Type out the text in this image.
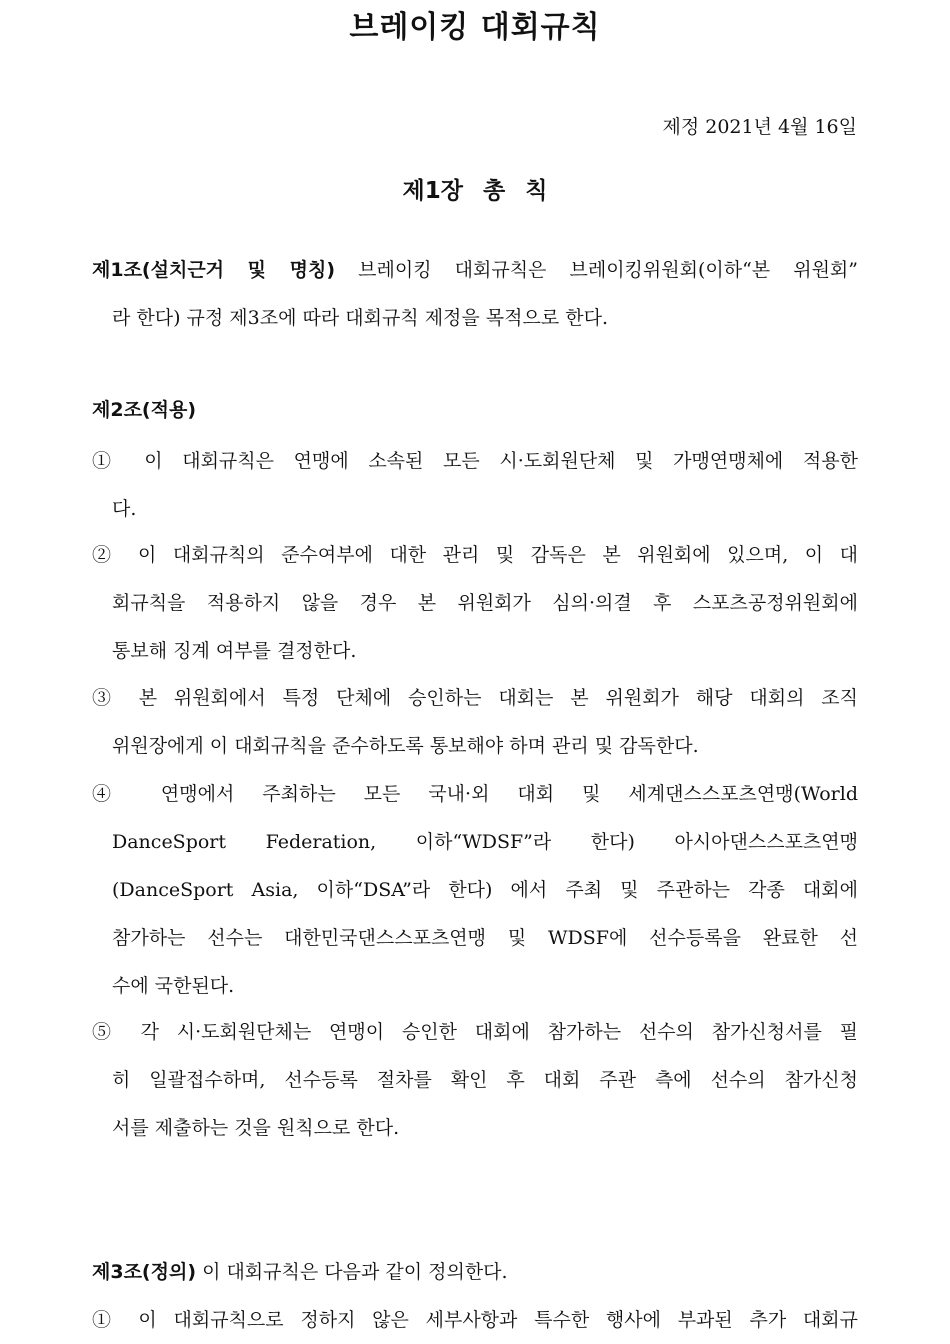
브레이킹 대회규칙
제정 2021년 4월 16일
제1장 총 칙
제1조(설치근거 및 명칭) 브레이킹 대회규칙은 브레이킹위원회(이하“본 위원회”
라 한다) 규정 제3조에 따라 대회규칙 제정을 목적으로 한다.
제2조(적용)
① 이 대회규칙은 연맹에 소속된 모든 시·도회원단체 및 가맹연맹체에 적용한
다.
② 이 대회규칙의 준수여부에 대한 관리 및 감독은 본 위원회에 있으며, 이 대
회규칙을 적용하지 않을 경우 본 위원회가 심의·의결 후 스포츠공정위원회에
통보해 징계 여부를 결정한다.
③ 본 위원회에서 특정 단체에 승인하는 대회는 본 위원회가 해당 대회의 조직
위원장에게 이 대회규칙을 준수하도록 통보해야 하며 관리 및 감독한다.
④ 연맹에서 주최하는 모든 국내·외 대회 및 세계댄스스포츠연맹(World
DanceSport Federation, 이하“WDSF”라 한다) 아시아댄스스포츠연맹
(DanceSport Asia, 이하“DSA”라 한다) 에서 주최 및 주관하는 각종 대회에
참가하는 선수는 대한민국댄스스포츠연맹 및 WDSF에 선수등록을 완료한 선
수에 국한된다.
⑤ 각 시·도회원단체는 연맹이 승인한 대회에 참가하는 선수의 참가신청서를 필
히 일괄접수하며, 선수등록 절차를 확인 후 대회 주관 측에 선수의 참가신청
서를 제출하는 것을 원칙으로 한다.
제3조(정의) 이 대회규칙은 다음과 같이 정의한다.
① 이 대회규칙으로 정하지 않은 세부사항과 특수한 행사에 부과된 추가 대회규
